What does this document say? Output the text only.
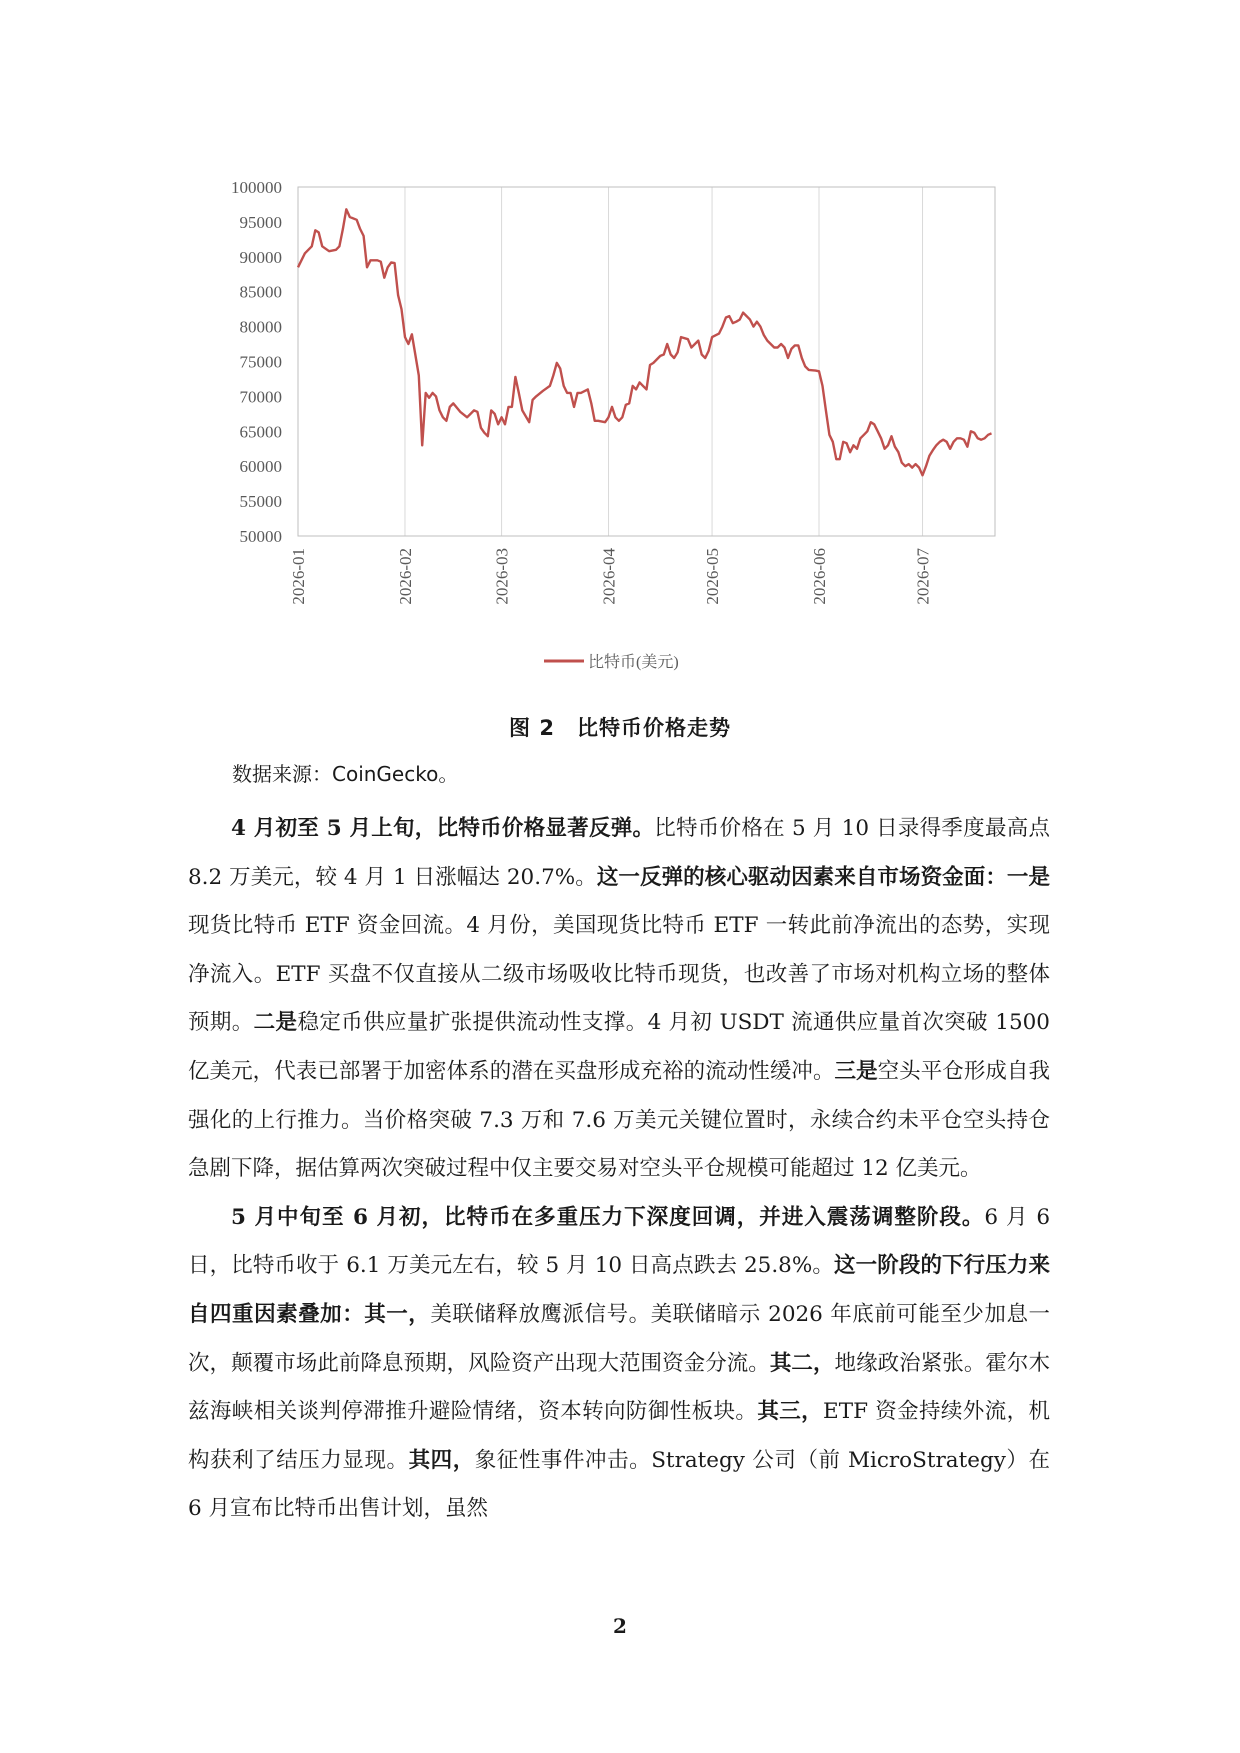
100000
95000
90000
85000
80000
75000
70000
65000
60000
55000
50000
2026-01	2026-02	2026-03	2026-04	2026-05	2026-06	2026-07
比特币(美元)
图 2　比特币价格走势
数据来源：CoinGecko。

4 月初至 5 月上旬，比特币价格显著反弹。比特币价格在 5 月 10 日录得季度最高点 8.2 万美元，较 4 月 1 日涨幅达 20.7%。这一反弹的核心驱动因素来自市场资金面：一是现货比特币 ETF 资金回流。4 月份，美国现货比特币 ETF 一转此前净流出的态势，实现净流入。ETF 买盘不仅直接从二级市场吸收比特币现货，也改善了市场对机构立场的整体预期。二是稳定币供应量扩张提供流动性支撑。4 月初 USDT 流通供应量首次突破 1500 亿美元，代表已部署于加密体系的潜在买盘形成充裕的流动性缓冲。三是空头平仓形成自我强化的上行推力。当价格突破 7.3 万和 7.6 万美元关键位置时，永续合约未平仓空头持仓急剧下降，据估算两次突破过程中仅主要交易对空头平仓规模可能超过 12 亿美元。

5 月中旬至 6 月初，比特币在多重压力下深度回调，并进入震荡调整阶段。6 月 6 日，比特币收于 6.1 万美元左右，较 5 月 10 日高点跌去 25.8%。这一阶段的下行压力来自四重因素叠加：其一，美联储释放鹰派信号。美联储暗示 2026 年底前可能至少加息一次，颠覆市场此前降息预期，风险资产出现大范围资金分流。其二，地缘政治紧张。霍尔木兹海峡相关谈判停滞推升避险情绪，资本转向防御性板块。其三，ETF 资金持续外流，机构获利了结压力显现。其四，象征性事件冲击。Strategy 公司（前 MicroStrategy）在 6 月宣布比特币出售计划，虽然

2
